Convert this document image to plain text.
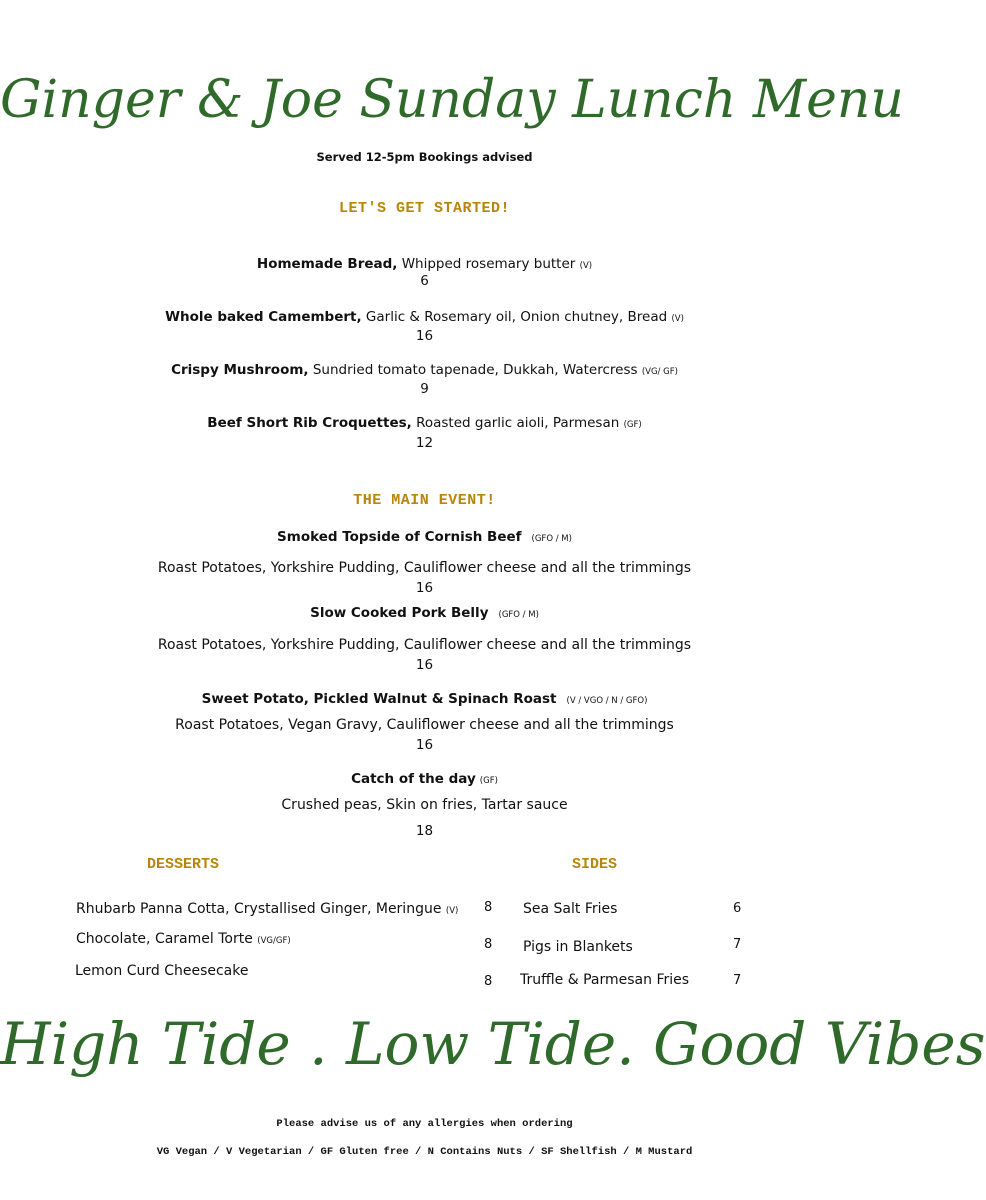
Ginger & Joe Sunday Lunch Menu
Served 12-5pm Bookings advised
LET'S GET STARTED!
Homemade Bread, Whipped rosemary butter (V)
6
Whole baked Camembert, Garlic & Rosemary oil, Onion chutney, Bread (V)
16
Crispy Mushroom, Sundried tomato tapenade, Dukkah, Watercress (VG/ GF)
9
Beef Short Rib Croquettes, Roasted garlic aioli, Parmesan (GF)
12
THE MAIN EVENT!
Smoked Topside of Cornish Beef (GFO / M)
Roast Potatoes, Yorkshire Pudding, Cauliflower cheese and all the trimmings
16
Slow Cooked Pork Belly (GFO / M)
Roast Potatoes, Yorkshire Pudding, Cauliflower cheese and all the trimmings
16
Sweet Potato, Pickled Walnut & Spinach Roast (V / VGO / N / GFO)
Roast Potatoes, Vegan Gravy, Cauliflower cheese and all the trimmings
16
Catch of the day (GF)
Crushed peas, Skin on fries, Tartar sauce
18
DESSERTS	SIDES
Rhubarb Panna Cotta, Crystallised Ginger, Meringue (V) 8
Chocolate, Caramel Torte (VG/GF)	8
Lemon Curd Cheesecake
8
Sea Salt Fries	6
Pigs in Blankets	7
Truffle & Parmesan Fries	7
High Tide . Low Tide. Good Vibes
Please advise us of any allergies when ordering
VG Vegan / V Vegetarian / GF Gluten free / N Contains Nuts / SF Shellfish / M Mustard
